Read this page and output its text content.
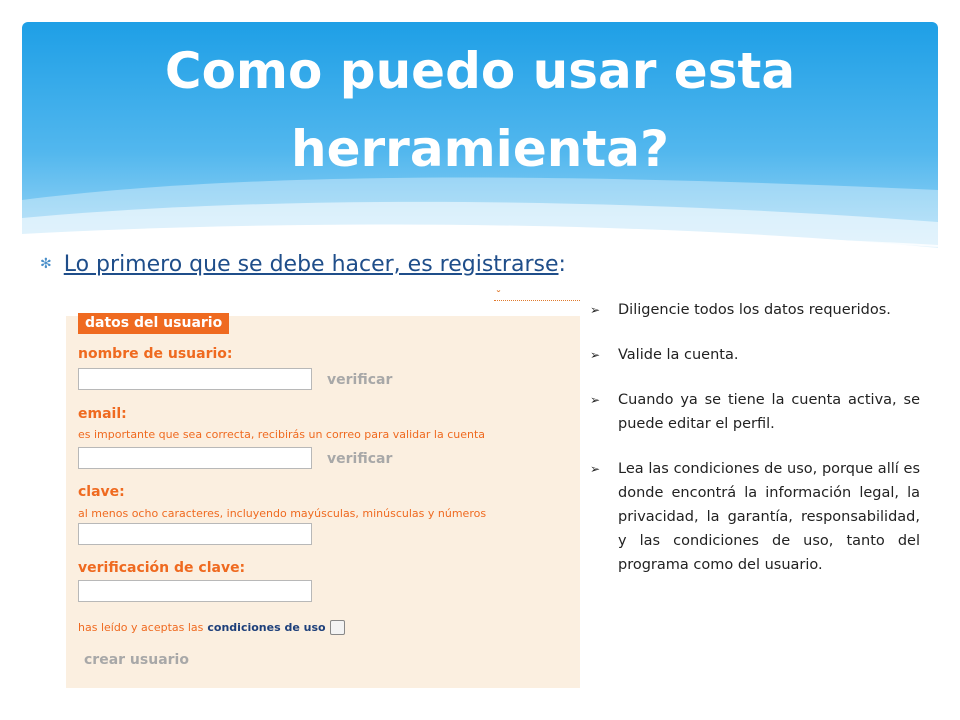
Como puedo usar esta herramienta?
✻ Lo primero que se debe hacer, es registrarse :
ˇ
datos del usuario
nombre de usuario:
verificar
email:
es importante que sea correcta, recibirás un correo para validar la cuenta
verificar
clave:
al menos ocho caracteres, incluyendo mayúsculas, minúsculas y números
verificación de clave:
has leído y aceptas las condiciones de uso
crear usuario
➢ Diligencie todos los datos requeridos.
➢ Valide la cuenta.
➢ Cuando ya se tiene la cuenta activa, se puede editar el perfil.
➢ Lea las condiciones de uso, porque allí es donde encontrá la información legal, la privacidad, la garantía, responsabilidad, y las condiciones de uso, tanto del programa como del usuario.
